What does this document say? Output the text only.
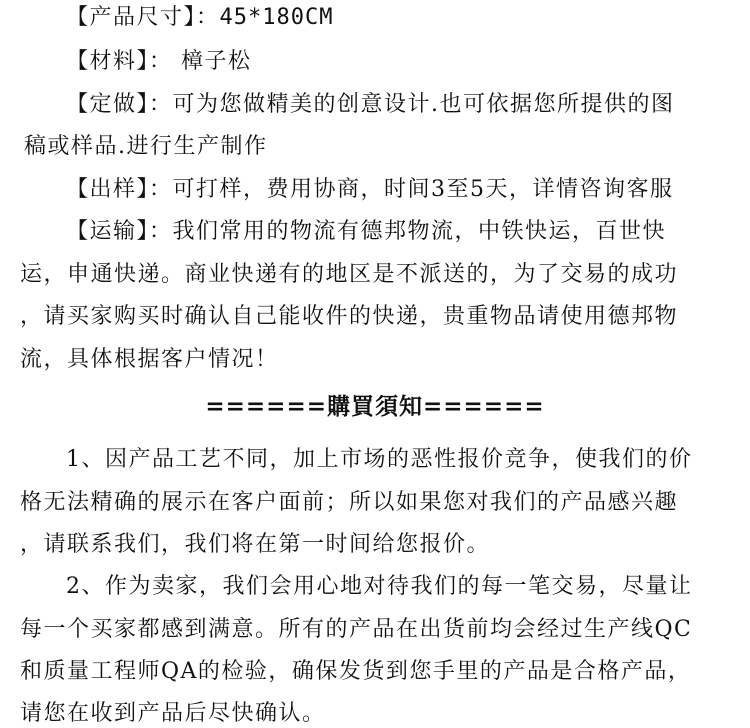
【产品尺寸】：45*180CM
【材料】： 樟子松
【定做】：可为您做精美的创意设计.也可依据您所提供的图
稿或样品.进行生产制作
【出样】：可打样，费用协商，时间3至5天，详情咨询客服
【运输】：我们常用的物流有德邦物流，中铁快运，百世快
运，申通快递。商业快递有的地区是不派送的，为了交易的成功
，请买家购买时确认自己能收件的快递，贵重物品请使用德邦物
流，具体根据客户情况！
======購買須知======
1、因产品工艺不同，加上市场的恶性报价竞争，使我们的价
格无法精确的展示在客户面前；所以如果您对我们的产品感兴趣
，请联系我们，我们将在第一时间给您报价。
2、作为卖家，我们会用心地对待我们的每一笔交易，尽量让
每一个买家都感到满意。所有的产品在出货前均会经过生产线QC
和质量工程师QA的检验，确保发货到您手里的产品是合格产品，
请您在收到产品后尽快确认。
